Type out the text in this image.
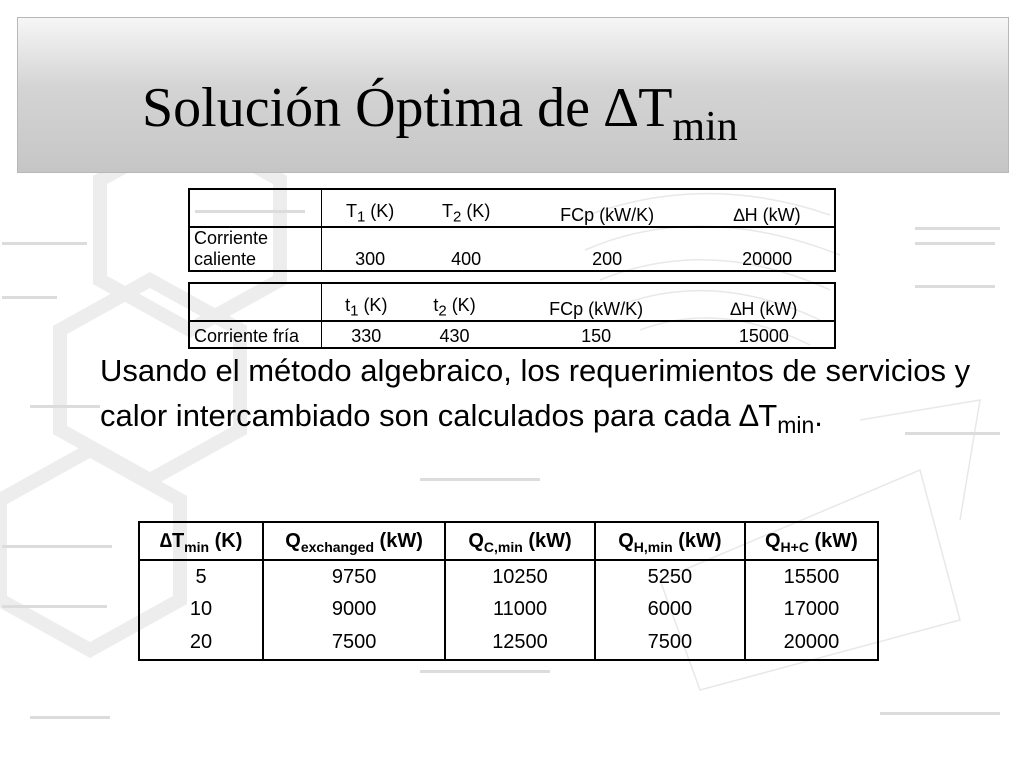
Solución Óptima de $\Delta T_{min}$
	$T_1$ (K)	$T_2$ (K)	FCp (kW/K)	∆H (kW)
Corriente caliente	300	400	200	20000
	$t_1$ (K)	$t_2$ (K)	FCp (kW/K)	∆H (kW)
Corriente fría	330	430	150	15000

Usando el método algebraico, los requerimientos de servicios y calor intercambiado son calculados para cada $\Delta T_{min}$.

$\Delta T_{min}$ (K)	$Q_{exchanged}$ (kW)	$Q_{C,min}$ (kW)	$Q_{H,min}$ (kW)	$Q_{H+C}$ (kW)
5	9750	10250	5250	15500
10	9000	11000	6000	17000
20	7500	12500	7500	20000
